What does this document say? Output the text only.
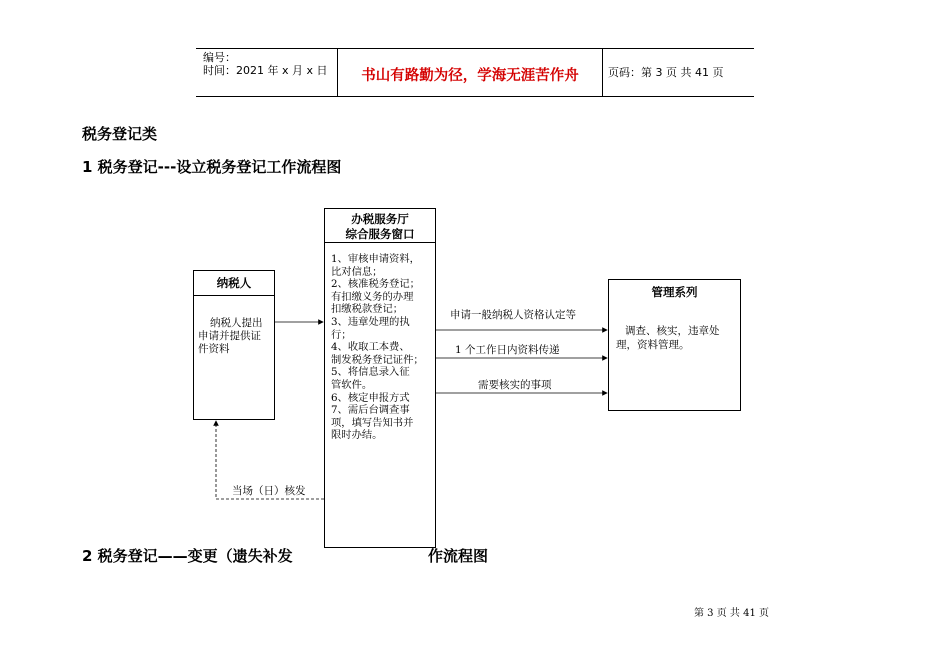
编号：
时间：2021 年 x 月 x 日	书山有路勤为径，学海无涯苦作舟	页码：第 3 页 共 41 页
税务登记类
1 税务登记---设立税务登记工作流程图
纳税人
纳税人提出
申请并提供证
件资料
办税服务厅
综合服务窗口
1、审核申请资料，
比对信息；
2、核准税务登记；
有扣缴义务的办理
扣缴税款登记；
3、违章处理的执
行；
4、收取工本费、
制发税务登记证件；
5、将信息录入征
管软件。
6、核定申报方式
7、需后台调查事
项，填写告知书并
限时办结。
管理系列
调查、核实，违章处
理，资料管理。
申请一般纳税人资格认定等
1 个工作日内资料传递
需要核实的事项
当场（日）核发
2 税务登记——变更（遗失补发	作流程图
第 3 页 共 41 页
